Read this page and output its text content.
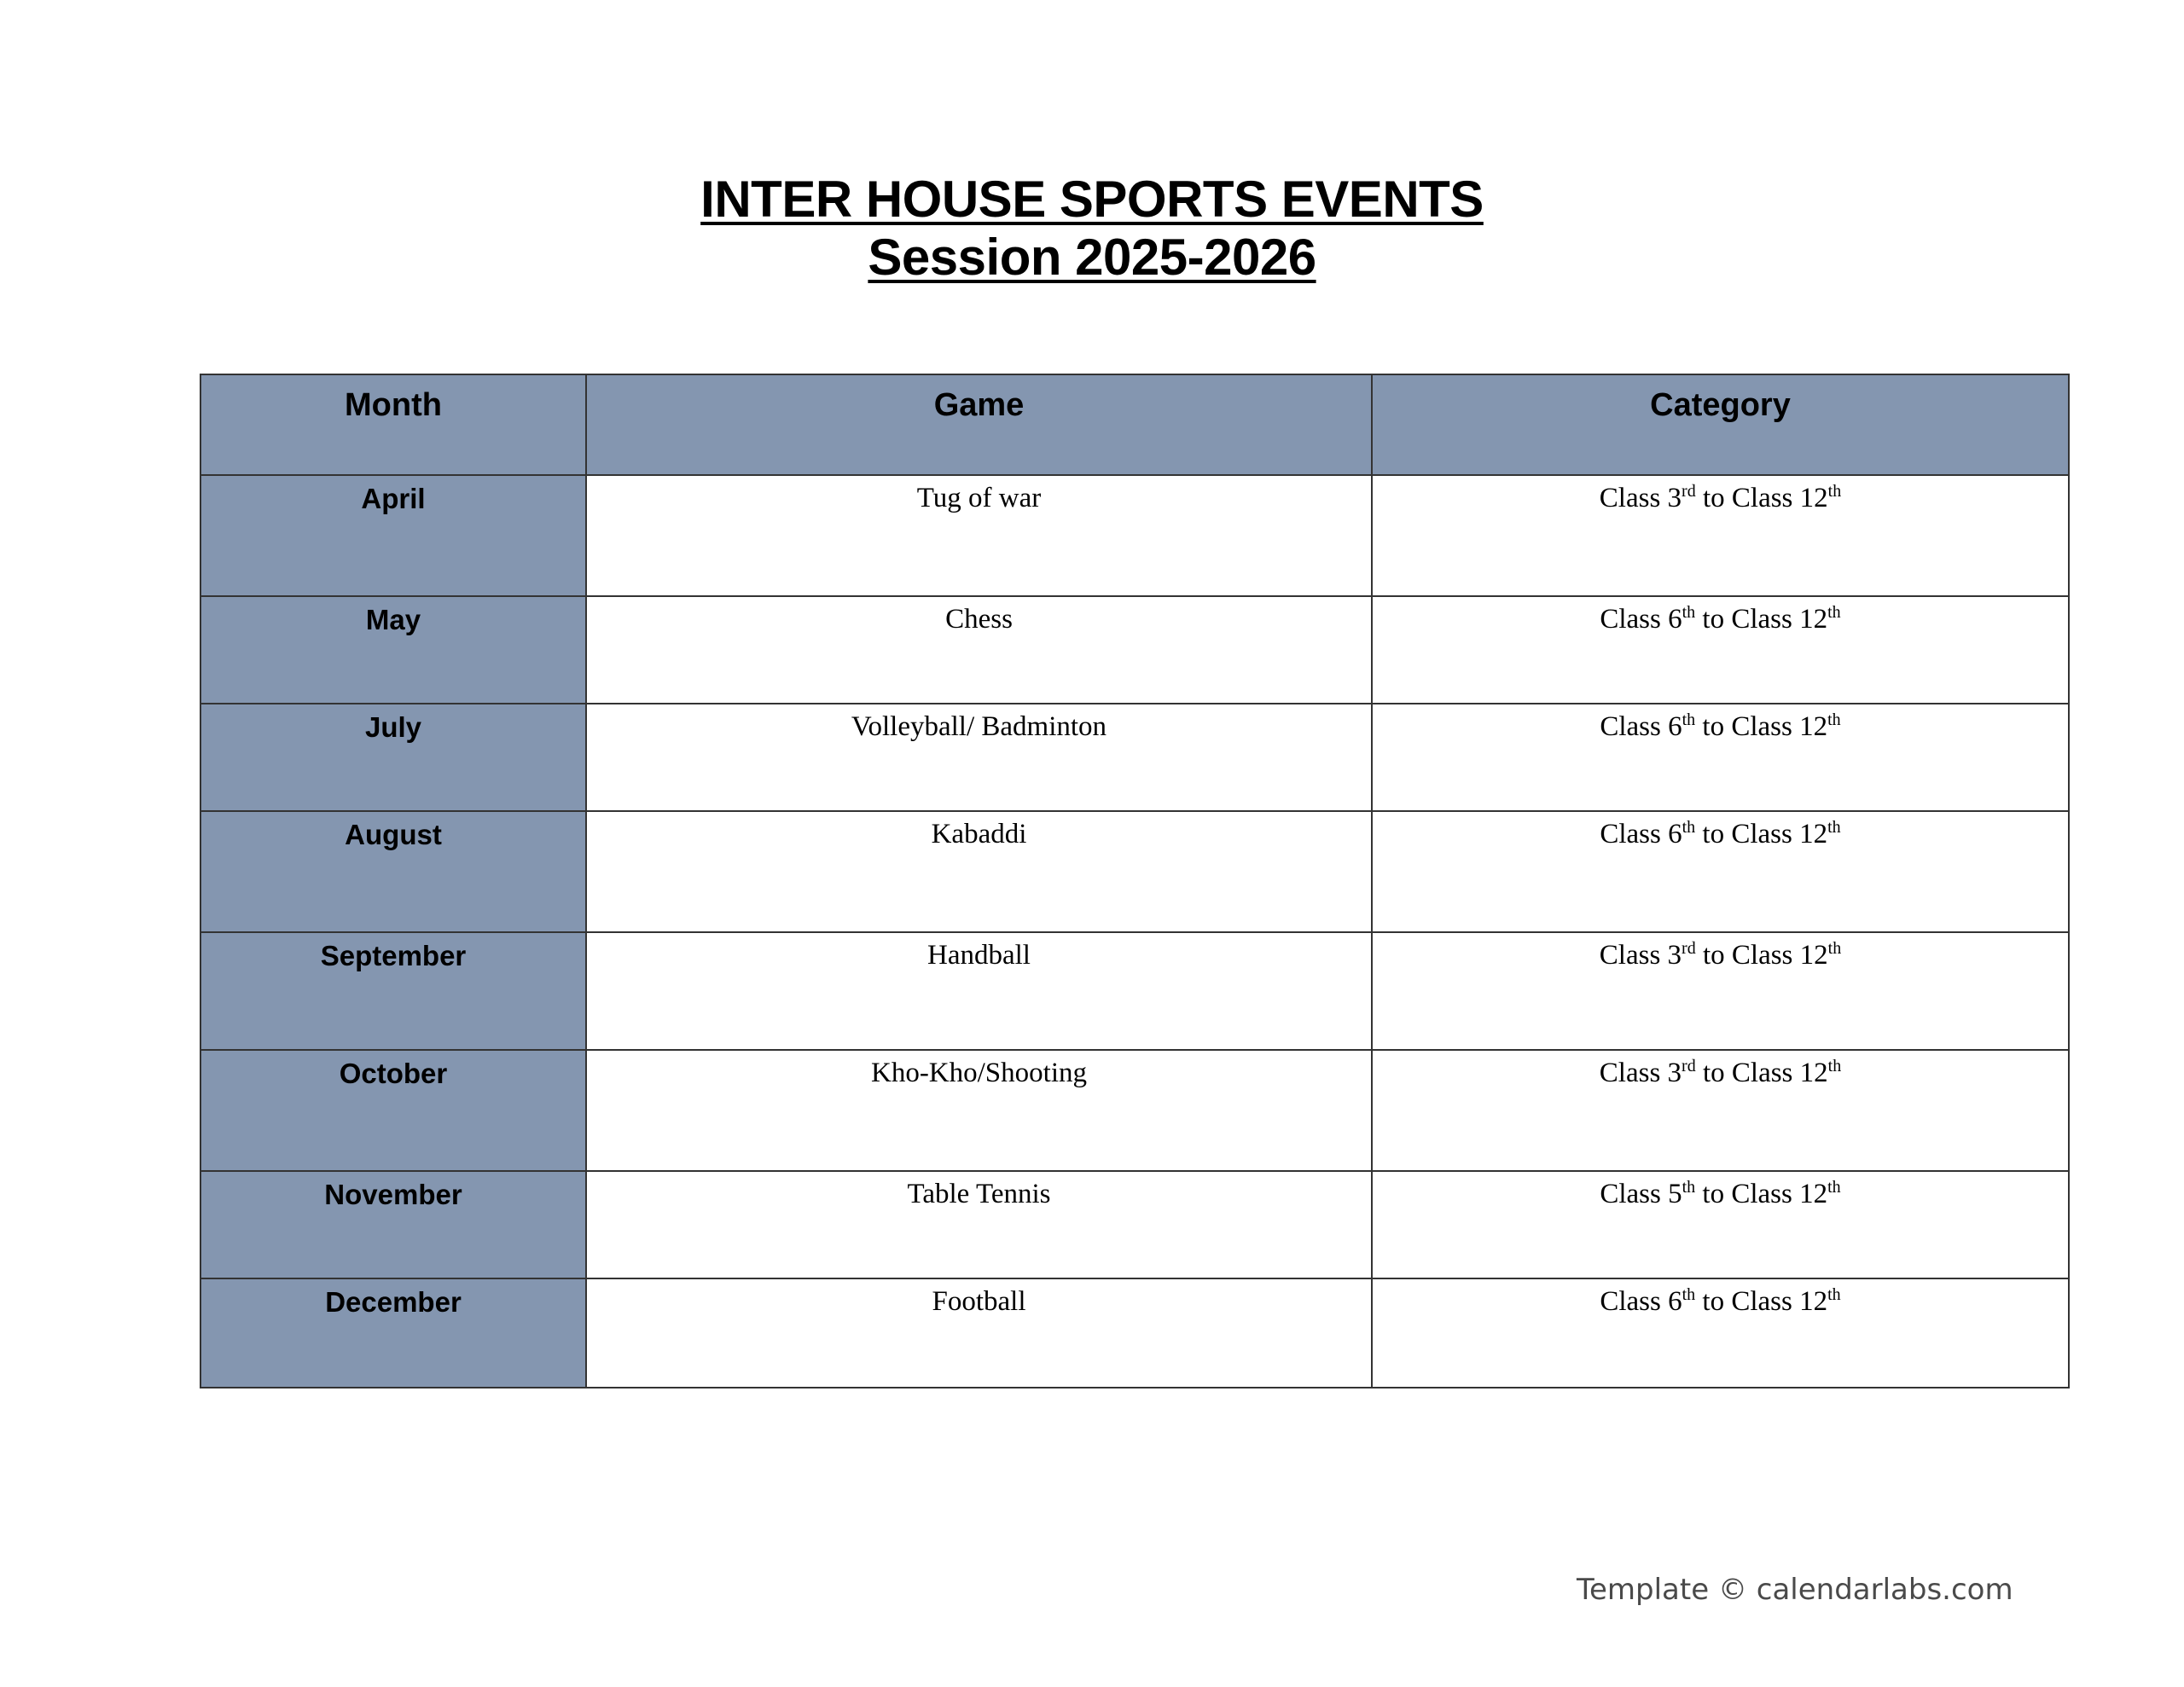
INTER HOUSE SPORTS EVENTS
Session 2025-2026
Month	Game	Category
April	Tug of war	Class 3rd to Class 12th
May	Chess	Class 6th to Class 12th
July	Volleyball/ Badminton	Class 6th to Class 12th
August	Kabaddi	Class 6th to Class 12th
September	Handball	Class 3rd to Class 12th
October	Kho-Kho/Shooting	Class 3rd to Class 12th
November	Table Tennis	Class 5th to Class 12th
December	Football	Class 6th to Class 12th
Template © calendarlabs.com
